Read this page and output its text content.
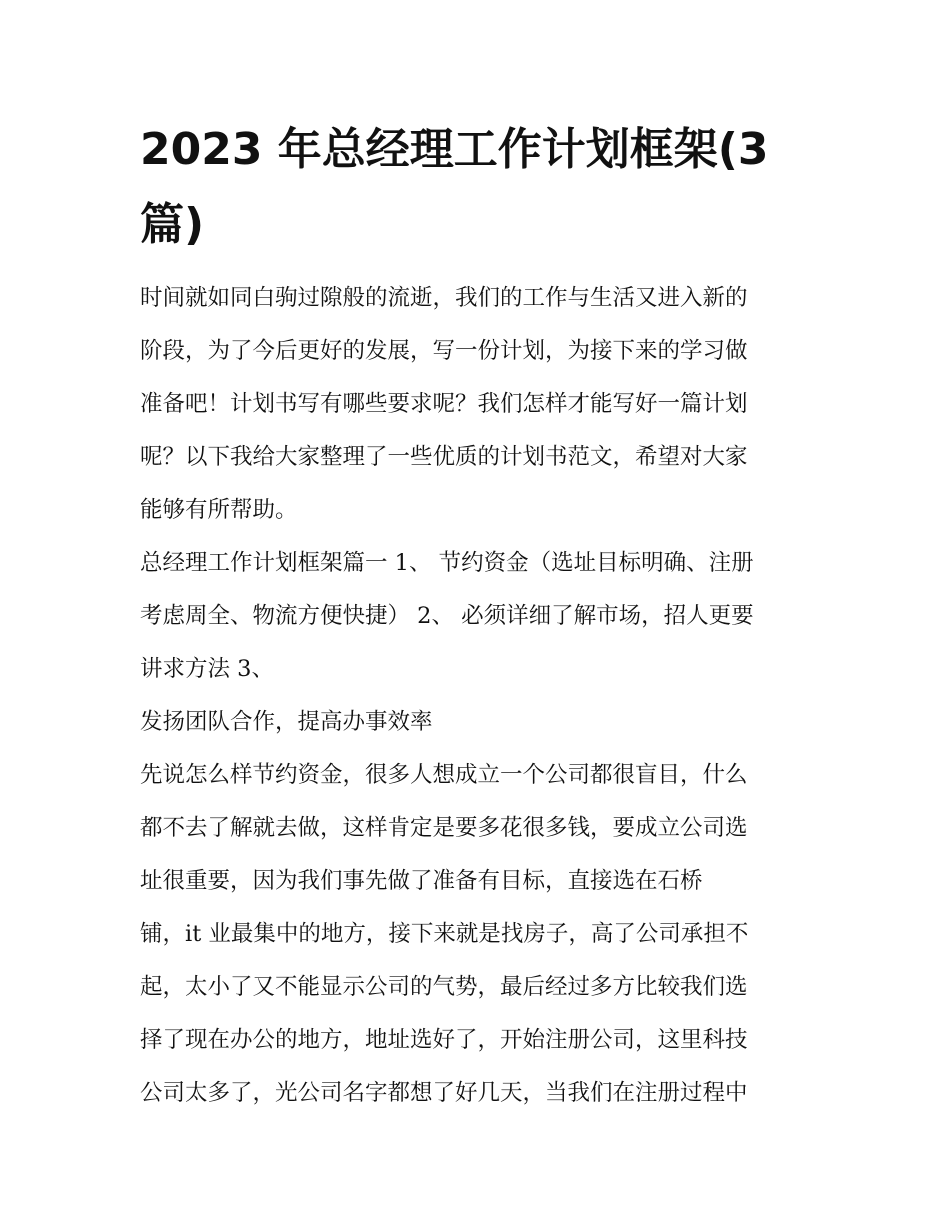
2023 年总经理工作计划框架(3
篇)

时间就如同白驹过隙般的流逝，我们的工作与生活又进入新的
阶段，为了今后更好的发展，写一份计划，为接下来的学习做
准备吧！计划书写有哪些要求呢？我们怎样才能写好一篇计划
呢？以下我给大家整理了一些优质的计划书范文，希望对大家
能够有所帮助。

总经理工作计划框架篇一 1、 节约资金（选址目标明确、注册
考虑周全、物流方便快捷） 2、 必须详细了解市场，招人更要
讲求方法 3、

发扬团队合作，提高办事效率

先说怎么样节约资金，很多人想成立一个公司都很盲目，什么
都不去了解就去做，这样肯定是要多花很多钱，要成立公司选
址很重要，因为我们事先做了准备有目标，直接选在石桥
铺，it 业最集中的地方，接下来就是找房子，高了公司承担不
起，太小了又不能显示公司的气势，最后经过多方比较我们选
择了现在办公的地方，地址选好了，开始注册公司，这里科技
公司太多了，光公司名字都想了好几天，当我们在注册过程中
